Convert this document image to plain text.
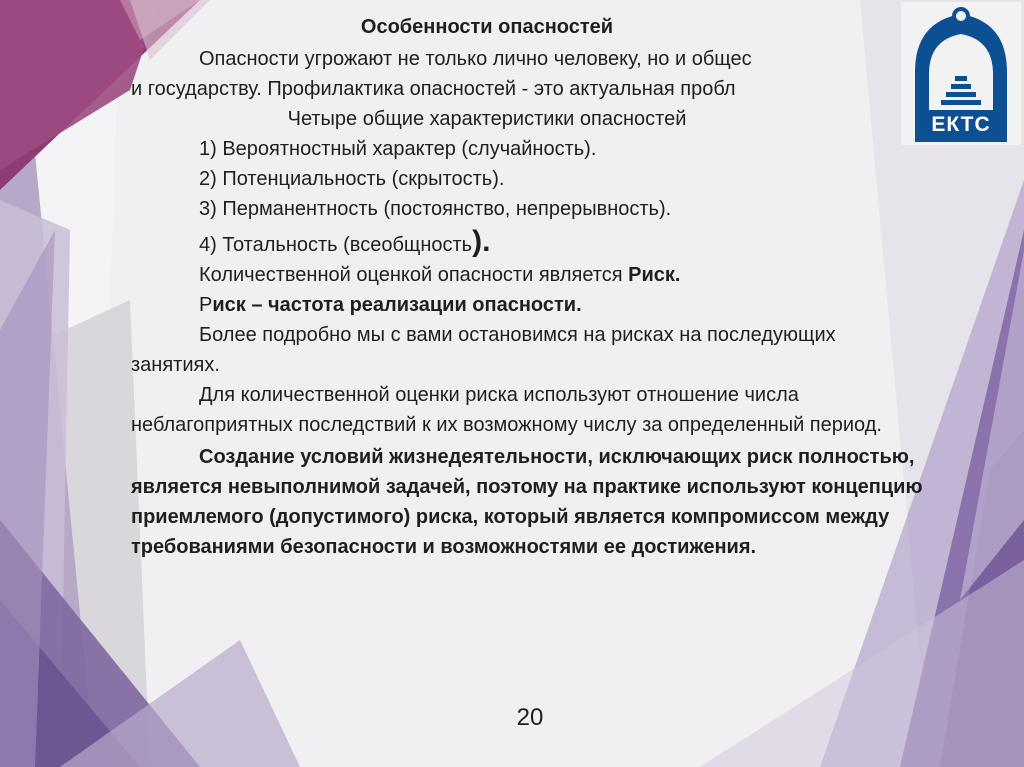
ЕКТС
Особенности опасностей
Опасности угрожают не только лично человеку, но и общес
и государству. Профилактика опасностей - это актуальная пробл
Четыре общие характеристики опасностей
1) Вероятностный характер (случайность).
2) Потенциальность (скрытость).
3) Перманентность (постоянство, непрерывность).
4) Тотальность (всеобщность).
Количественной оценкой опасности является Риск.
Риск – частота реализации опасности.
Более подробно мы с вами остановимся на рисках на последующих занятиях.
Для количественной оценки риска используют отношение числа неблагоприятных последствий к их возможному числу за определенный период.
Создание условий жизнедеятельности, исключающих риск полностью, является невыполнимой задачей, поэтому на практике используют концепцию приемлемого (допустимого) риска, который является компромиссом между требованиями безопасности и возможностями ее достижения.
20
